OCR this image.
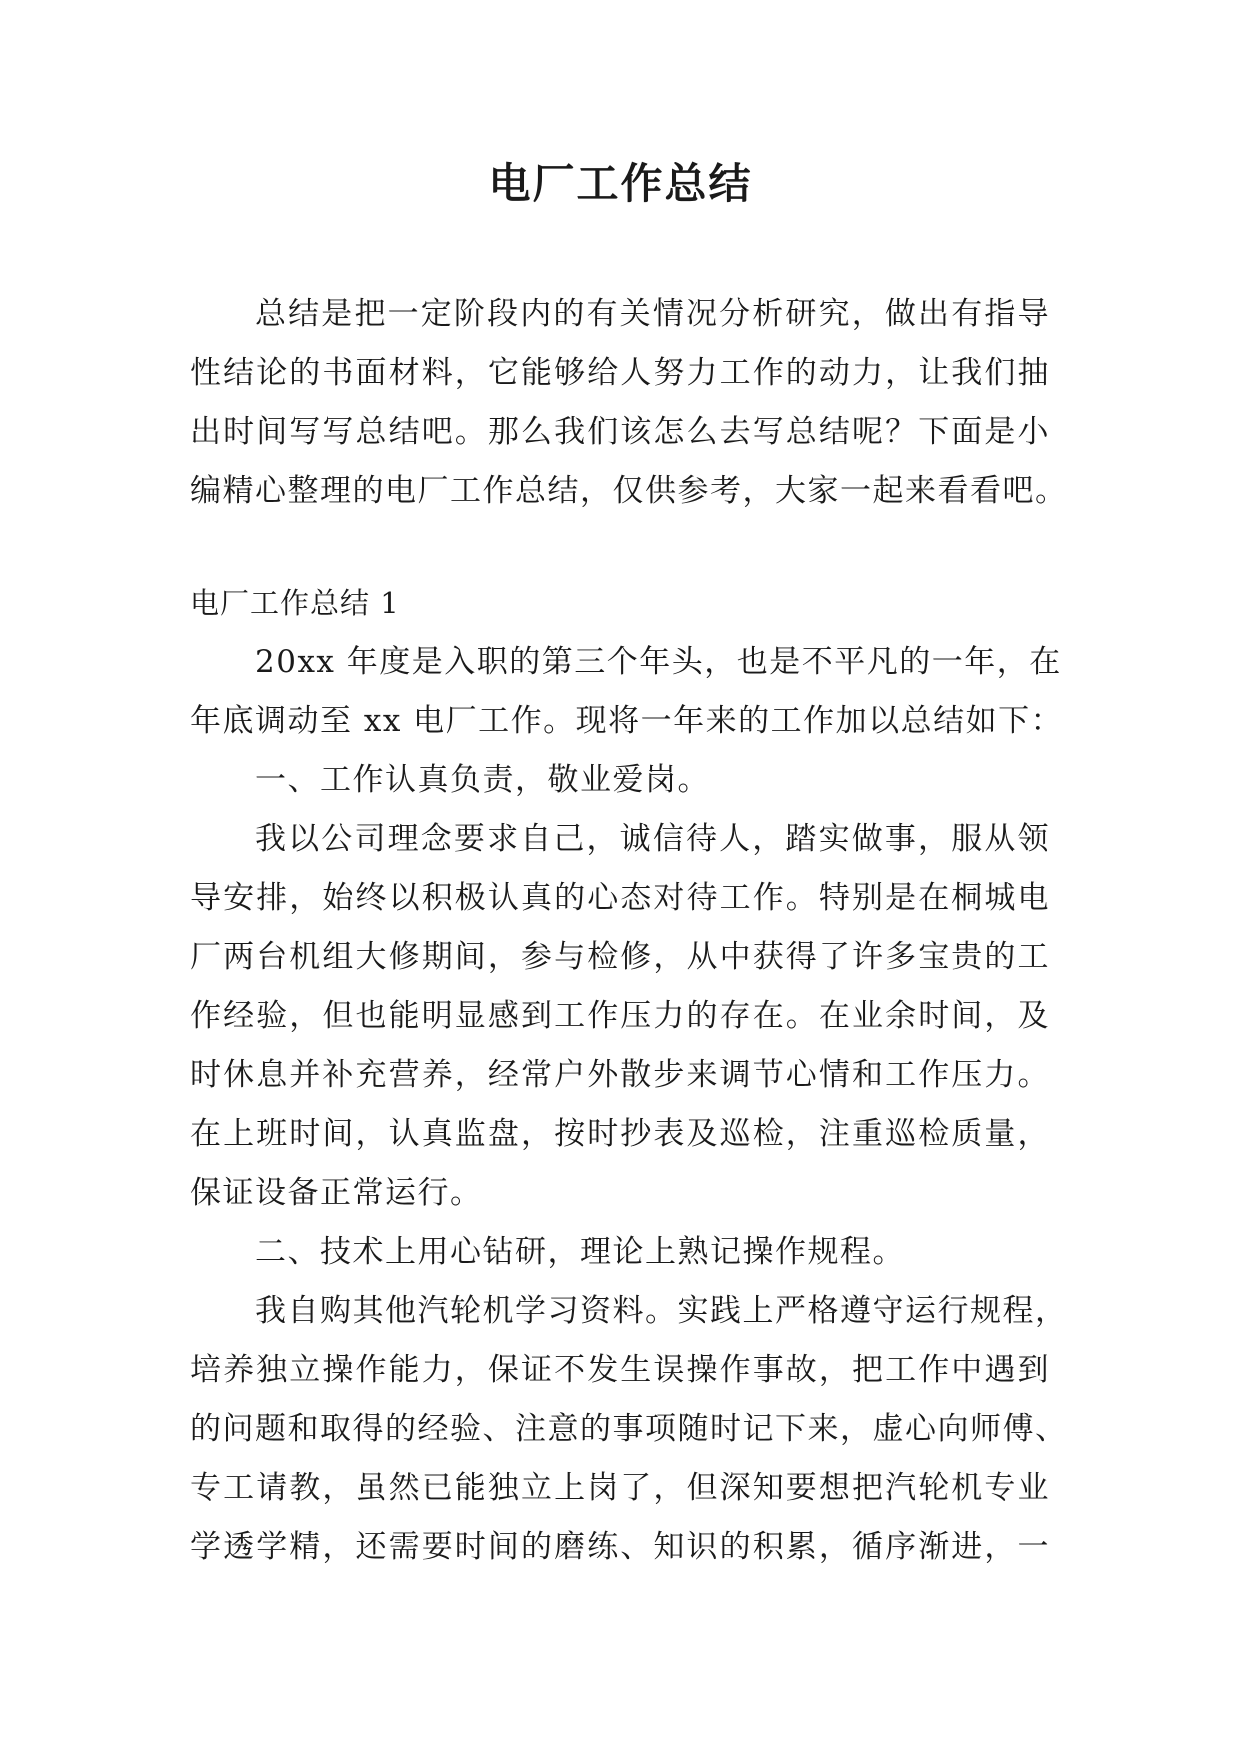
电厂工作总结
总结是把一定阶段内的有关情况分析研究，做出有指导
性结论的书面材料，它能够给人努力工作的动力，让我们抽
出时间写写总结吧。那么我们该怎么去写总结呢？下面是小
编精心整理的电厂工作总结，仅供参考，大家一起来看看吧。
电厂工作总结 1
20xx 年度是入职的第三个年头，也是不平凡的一年，在
年底调动至 xx 电厂工作。现将一年来的工作加以总结如下：
一、工作认真负责，敬业爱岗。
我以公司理念要求自己，诚信待人，踏实做事，服从领
导安排，始终以积极认真的心态对待工作。特别是在桐城电
厂两台机组大修期间，参与检修，从中获得了许多宝贵的工
作经验，但也能明显感到工作压力的存在。在业余时间，及
时休息并补充营养，经常户外散步来调节心情和工作压力。
在上班时间，认真监盘，按时抄表及巡检，注重巡检质量，
保证设备正常运行。
二、技术上用心钻研，理论上熟记操作规程。
我自购其他汽轮机学习资料。实践上严格遵守运行规程，
培养独立操作能力，保证不发生误操作事故，把工作中遇到
的问题和取得的经验、注意的事项随时记下来，虚心向师傅、
专工请教，虽然已能独立上岗了，但深知要想把汽轮机专业
学透学精，还需要时间的磨练、知识的积累，循序渐进，一
